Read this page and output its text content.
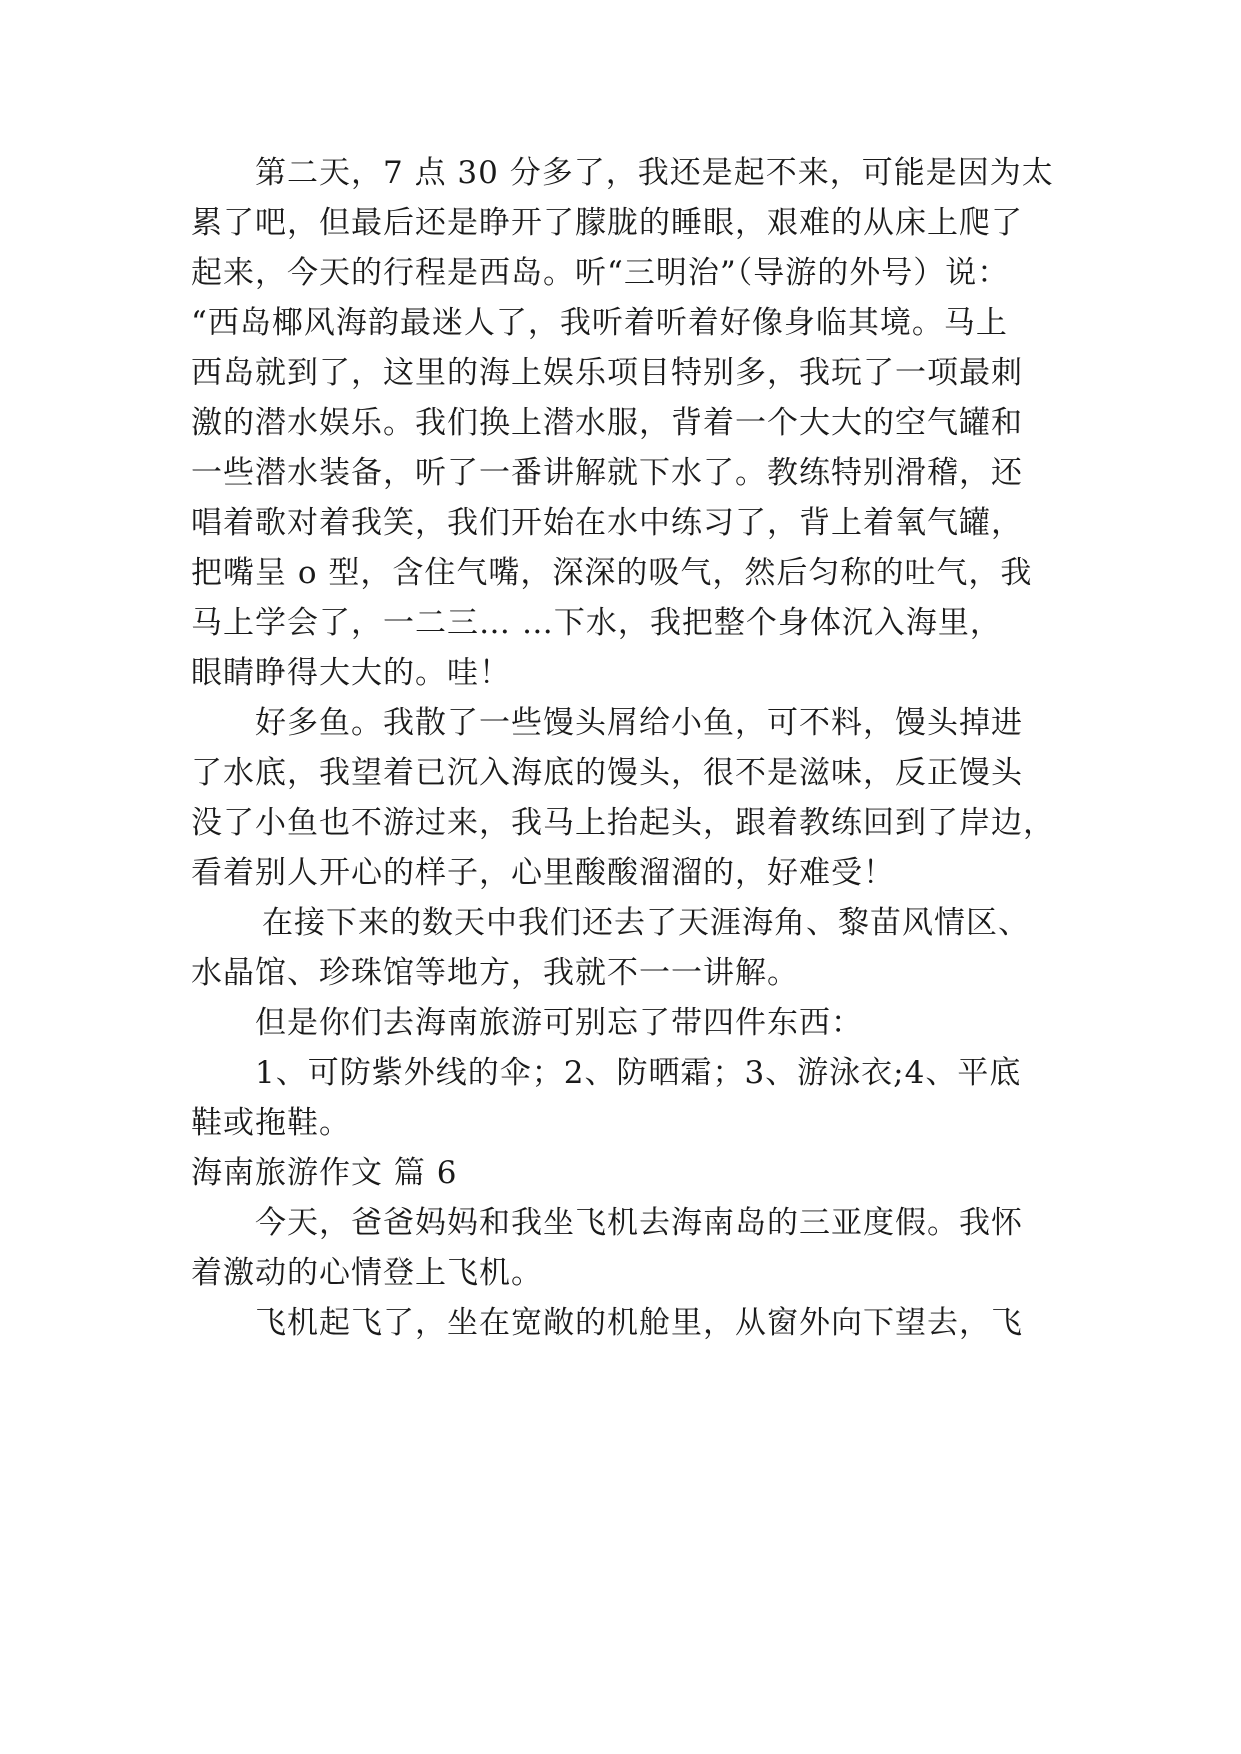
第二天，7 点 30 分多了，我还是起不来，可能是因为太
累了吧，但最后还是睁开了朦胧的睡眼，艰难的从床上爬了
起来，今天的行程是西岛。听“三明治”（导游的外号）说：
“西岛椰风海韵最迷人了，我听着听着好像身临其境。马上
西岛就到了，这里的海上娱乐项目特别多，我玩了一项最刺
激的潜水娱乐。我们换上潜水服，背着一个大大的空气罐和
一些潜水装备，听了一番讲解就下水了。教练特别滑稽，还
唱着歌对着我笑，我们开始在水中练习了，背上着氧气罐，
把嘴呈 o 型，含住气嘴，深深的吸气，然后匀称的吐气，我
马上学会了，一二三… …下水，我把整个身体沉入海里，
眼睛睁得大大的。哇！
好多鱼。我散了一些馒头屑给小鱼，可不料，馒头掉进
了水底，我望着已沉入海底的馒头，很不是滋味，反正馒头
没了小鱼也不游过来，我马上抬起头，跟着教练回到了岸边，
看着别人开心的样子，心里酸酸溜溜的，好难受！
在接下来的数天中我们还去了天涯海角、黎苗风情区、
水晶馆、珍珠馆等地方，我就不一一讲解。
但是你们去海南旅游可别忘了带四件东西：
1、可防紫外线的伞；2、防晒霜；3、游泳衣;4、平底
鞋或拖鞋。
海南旅游作文 篇 6
今天，爸爸妈妈和我坐飞机去海南岛的三亚度假。我怀
着激动的心情登上飞机。
飞机起飞了，坐在宽敞的机舱里，从窗外向下望去，飞
